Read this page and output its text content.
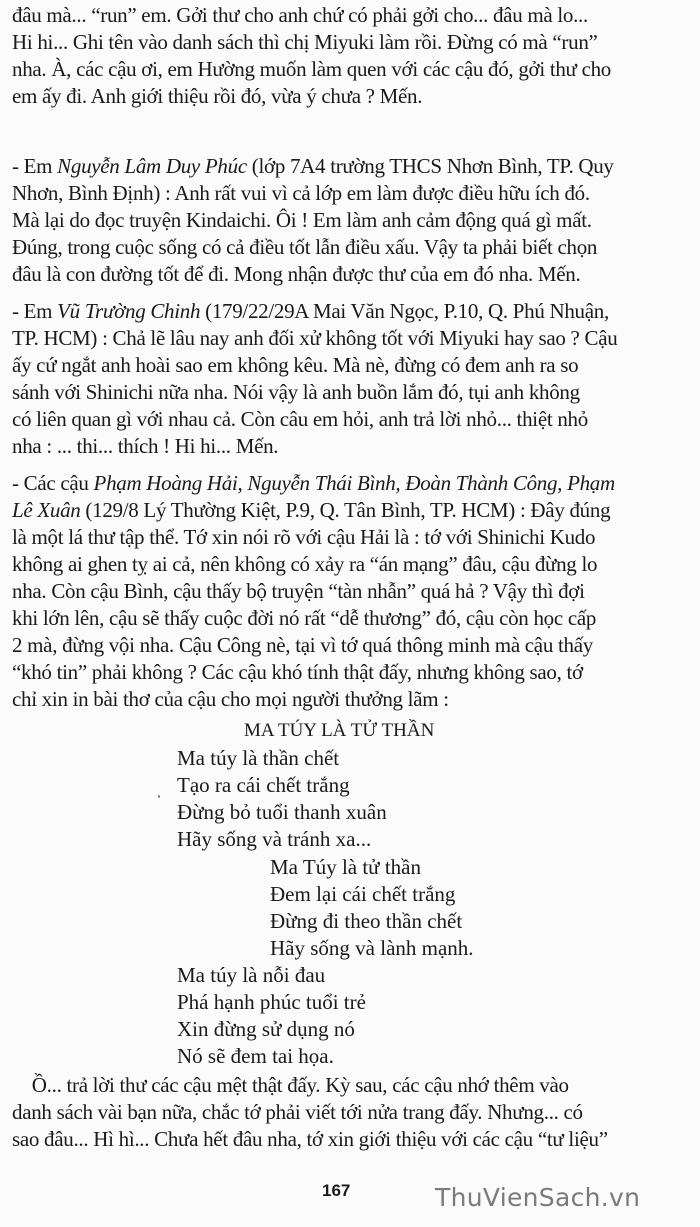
đâu mà... “run” em. Gởi thư cho anh chứ có phải gởi cho... đâu mà lo...
Hi hi... Ghi tên vào danh sách thì chị Miyuki làm rồi. Đừng có mà “run”
nha. À, các cậu ơi, em Hường muốn làm quen với các cậu đó, gởi thư cho
em ấy đi. Anh giới thiệu rồi đó, vừa ý chưa ? Mến.

- Em Nguyễn Lâm Duy Phúc (lớp 7A4 trường THCS Nhơn Bình, TP. Quy
Nhơn, Bình Định) : Anh rất vui vì cả lớp em làm được điều hữu ích đó.
Mà lại do đọc truyện Kindaichi. Ôi ! Em làm anh cảm động quá gì mất.
Đúng, trong cuộc sống có cả điều tốt lẫn điều xấu. Vậy ta phải biết chọn
đâu là con đường tốt để đi. Mong nhận được thư của em đó nha. Mến.

- Em Vũ Trường Chinh (179/22/29A Mai Văn Ngọc, P.10, Q. Phú Nhuận,
TP. HCM) : Chả lẽ lâu nay anh đối xử không tốt với Miyuki hay sao ? Cậu
ấy cứ ngắt anh hoài sao em không kêu. Mà nè, đừng có đem anh ra so
sánh với Shinichi nữa nha. Nói vậy là anh buồn lắm đó, tụi anh không
có liên quan gì với nhau cả. Còn câu em hỏi, anh trả lời nhỏ... thiệt nhỏ
nha : ... thi... thích ! Hi hi... Mến.

- Các cậu Phạm Hoàng Hải, Nguyễn Thái Bình, Đoàn Thành Công, Phạm
Lê Xuân (129/8 Lý Thường Kiệt, P.9, Q. Tân Bình, TP. HCM) : Đây đúng
là một lá thư tập thể. Tớ xin nói rõ với cậu Hải là : tớ với Shinichi Kudo
không ai ghen tỵ ai cả, nên không có xảy ra “án mạng” đâu, cậu đừng lo
nha. Còn cậu Bình, cậu thấy bộ truyện “tàn nhẫn” quá hả ? Vậy thì đợi
khi lớn lên, cậu sẽ thấy cuộc đời nó rất “dễ thương” đó, cậu còn học cấp
2 mà, đừng vội nha. Cậu Công nè, tại vì tớ quá thông minh mà cậu thấy
“khó tin” phải không ? Các cậu khó tính thật đấy, nhưng không sao, tớ
chỉ xin in bài thơ của cậu cho mọi người thưởng lãm :

MA TÚY LÀ TỬ THẦN
Ma túy là thần chết
Tạo ra cái chết trắng
Đừng bỏ tuổi thanh xuân
Hãy sống và tránh xa...
Ma Túy là tử thần
Đem lại cái chết trắng
Đừng đi theo thần chết
Hãy sống và lành mạnh.
Ma túy là nỗi đau
Phá hạnh phúc tuổi trẻ
Xin đừng sử dụng nó
Nó sẽ đem tai họa.

Ồ... trả lời thư các cậu mệt thật đấy. Kỳ sau, các cậu nhớ thêm vào
danh sách vài bạn nữa, chắc tớ phải viết tới nửa trang đấy. Nhưng... có
sao đâu... Hì hì... Chưa hết đâu nha, tớ xin giới thiệu với các cậu “tư liệu”

167	ThuVienSach.vn
